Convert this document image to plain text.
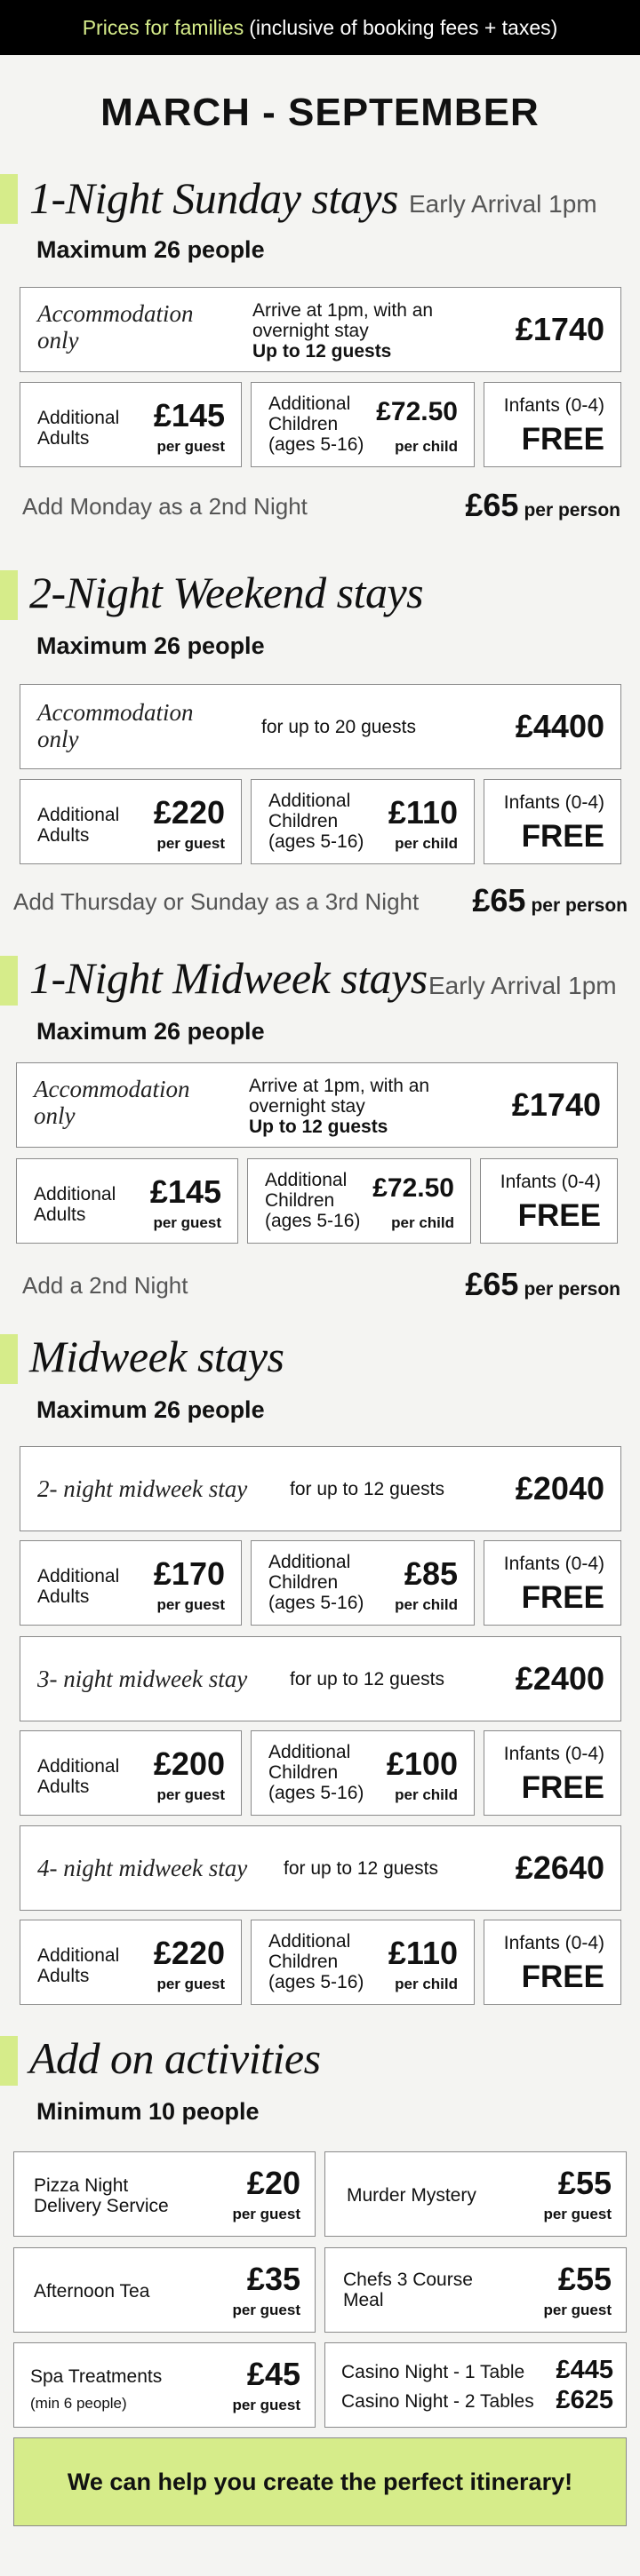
Prices for families (inclusive of booking fees + taxes)
MARCH - SEPTEMBER
1-Night Sunday stays Early Arrival 1pm
Maximum 26 people
Accommodation only
Arrive at 1pm, with an
overnight stay
Up to 12 guests
£1740
Additional Adults
£145
per guest
Additional Children (ages 5-16)
£72.50
per child
Infants (0-4)
FREE
Add Monday as a 2nd Night	£65 per person
2-Night Weekend stays
Maximum 26 people
Accommodation only	for up to 20 guests	£4400
Additional Adults
£220
per guest
Additional Children (ages 5-16)
£110
per child
Infants (0-4)
FREE
Add Thursday or Sunday as a 3rd Night £65 per person
1-Night Midweek stays Early Arrival 1pm
Maximum 26 people
Accommodation only
Arrive at 1pm, with an
overnight stay
Up to 12 guests
£1740
Additional Adults
£145
per guest
Additional Children (ages 5-16)
£72.50
per child
Infants (0-4)
FREE
Add a 2nd Night	£65 per person
Midweek stays
Maximum 26 people
2- night midweek stay for up to 12 guests £2040
Additional Adults
£170
per guest
Additional Children (ages 5-16)
£85
per child
Infants (0-4)
FREE
3- night midweek stay for up to 12 guests £2400
Additional Adults
£200
per guest
Additional Children (ages 5-16)
£100
per child
Infants (0-4)
FREE
4- night midweek stay for up to 12 guests £2640
Additional Adults
£220
per guest
Additional Children (ages 5-16)
£110
per child
Infants (0-4)
FREE
Add on activities
Minimum 10 people
Pizza Night
Delivery Service
£20
per guest
Murder Mystery	£55
per guest
Afternoon Tea	£35
per guest
Chefs 3 Course
Meal
£55
per guest
Spa Treatments
(min 6 people)
£45
per guest
Casino Night - 1 Table £445
Casino Night - 2 Tables £625
We can help you create the perfect itinerary!
